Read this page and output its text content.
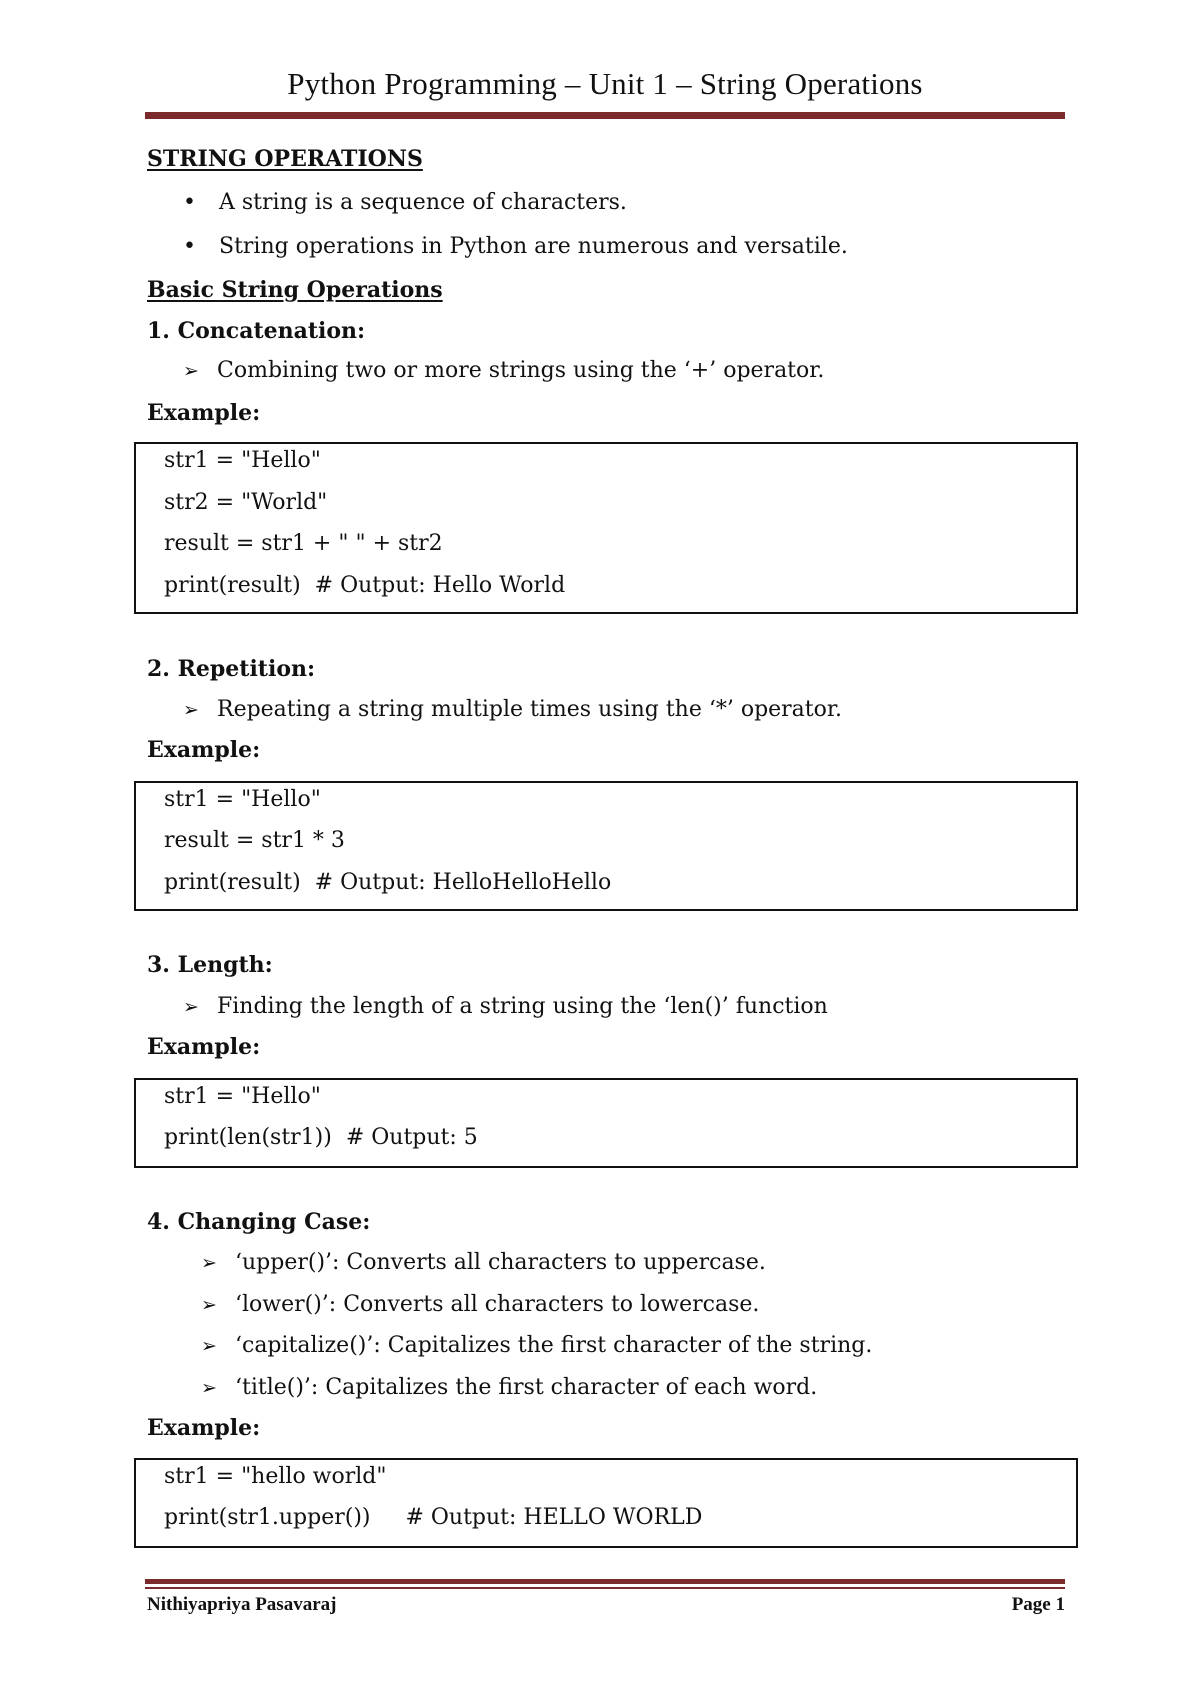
Python Programming – Unit 1 – String Operations
STRING OPERATIONS
•	A string is a sequence of characters.
•	String operations in Python are numerous and versatile.
Basic String Operations
1. Concatenation:
➢ Combining two or more strings using the ‘+’ operator.
Example:
str1 = "Hello"
str2 = "World"
result = str1 + " " + str2
print(result)  # Output: Hello World
2. Repetition:
➢ Repeating a string multiple times using the ‘*’ operator.
Example:
str1 = "Hello"
result = str1 * 3
print(result)  # Output: HelloHelloHello
3. Length:
➢ Finding the length of a string using the ‘len()’ function
Example:
str1 = "Hello"
print(len(str1))  # Output: 5
4. Changing Case:
➢ ‘upper()’: Converts all characters to uppercase.
➢ ‘lower()’: Converts all characters to lowercase.
➢ ‘capitalize()’: Capitalizes the first character of the string.
➢ ‘title()’: Capitalizes the first character of each word.
Example:
str1 = "hello world"
print(str1.upper())     # Output: HELLO WORLD
Nithiyapriya Pasavaraj	Page 1
